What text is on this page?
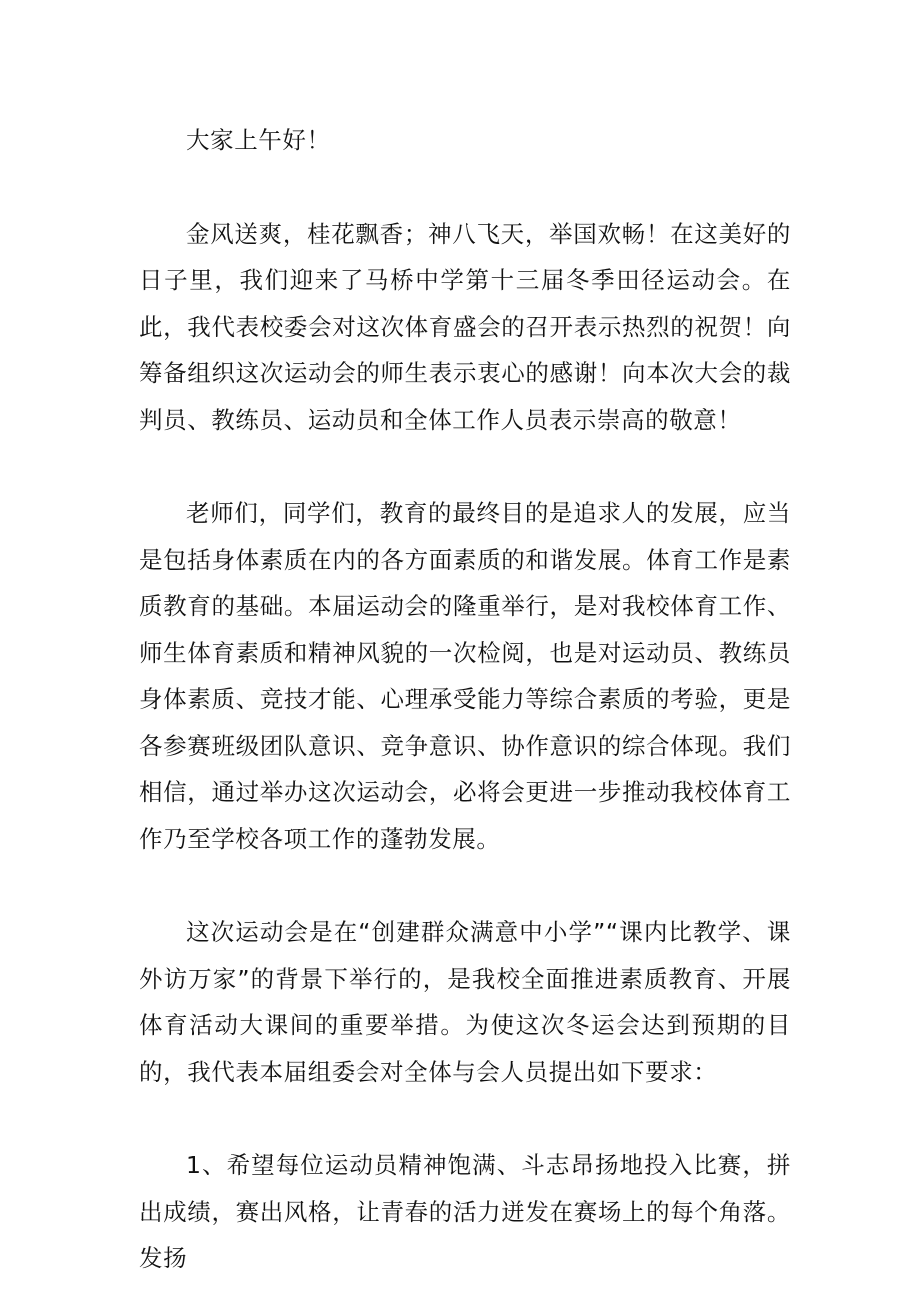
大家上午好！

金风送爽，桂花飘香；神八飞天，举国欢畅！在这美好的日子里，我们迎来了马桥中学第十三届冬季田径运动会。在此，我代表校委会对这次体育盛会的召开表示热烈的祝贺！向筹备组织这次运动会的师生表示衷心的感谢！向本次大会的裁判员、教练员、运动员和全体工作人员表示崇高的敬意！

老师们，同学们，教育的最终目的是追求人的发展，应当是包括身体素质在内的各方面素质的和谐发展。体育工作是素质教育的基础。本届运动会的隆重举行，是对我校体育工作、师生体育素质和精神风貌的一次检阅，也是对运动员、教练员身体素质、竞技才能、心理承受能力等综合素质的考验，更是各参赛班级团队意识、竞争意识、协作意识的综合体现。我们相信，通过举办这次运动会，必将会更进一步推动我校体育工作乃至学校各项工作的蓬勃发展。

这次运动会是在“创建群众满意中小学”“课内比教学、课外访万家”的背景下举行的，是我校全面推进素质教育、开展体育活动大课间的重要举措。为使这次冬运会达到预期的目的，我代表本届组委会对全体与会人员提出如下要求：

1、希望每位运动员精神饱满、斗志昂扬地投入比赛，拼出成绩，赛出风格，让青春的活力迸发在赛场上的每个角落。发扬
